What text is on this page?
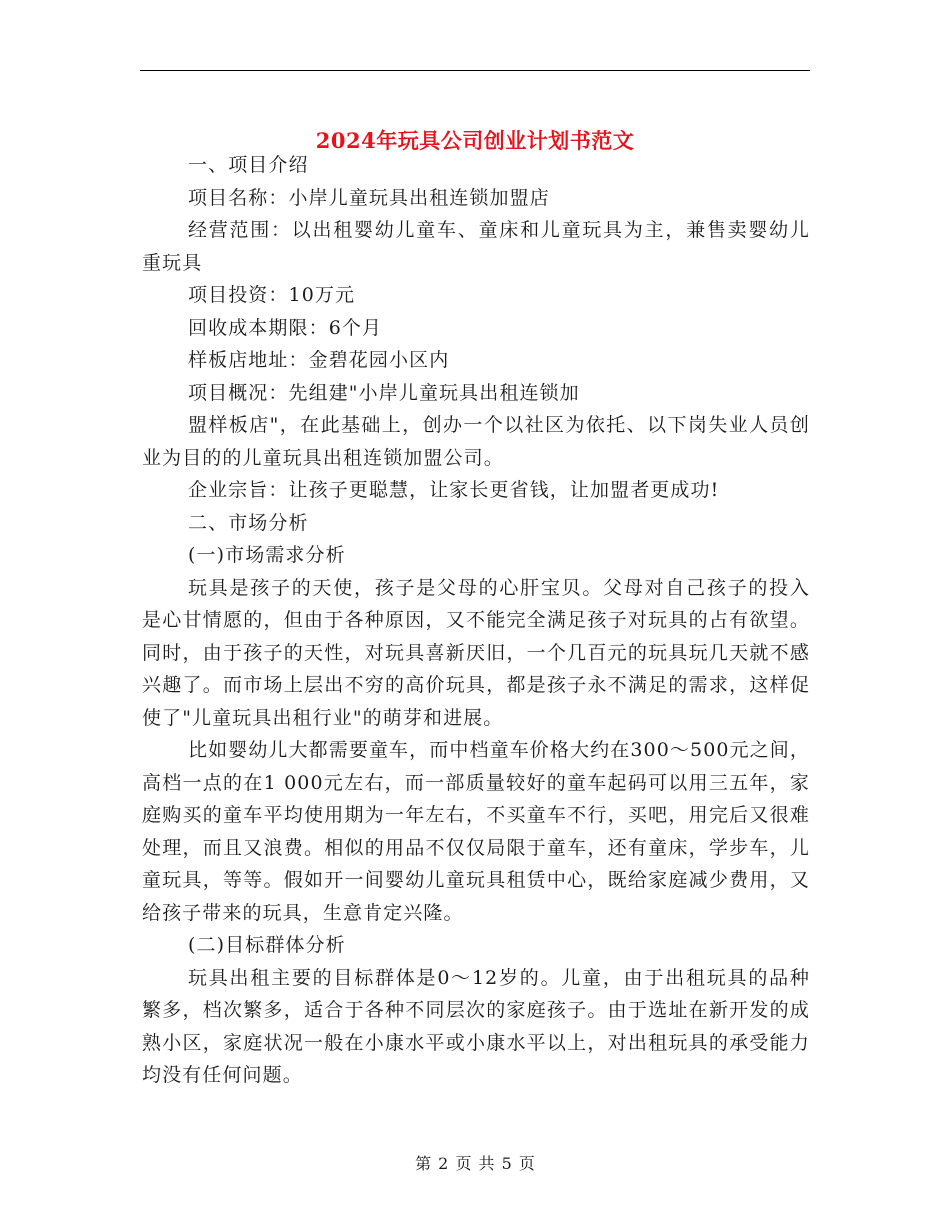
2024年玩具公司创业计划书范文

一、项目介绍

项目名称：小岸儿童玩具出租连锁加盟店

经营范围：以出租婴幼儿童车、童床和儿童玩具为主，兼售卖婴幼儿重玩具

项目投资：10万元

回收成本期限：6个月

样板店地址：金碧花园小区内

项目概况：先组建"小岸儿童玩具出租连锁加

盟样板店"，在此基础上，创办一个以社区为依托、以下岗失业人员创业为目的的儿童玩具出租连锁加盟公司。

企业宗旨：让孩子更聪慧，让家长更省钱，让加盟者更成功!

二、市场分析

(一)市场需求分析

玩具是孩子的天使，孩子是父母的心肝宝贝。父母对自己孩子的投入是心甘情愿的，但由于各种原因，又不能完全满足孩子对玩具的占有欲望。同时，由于孩子的天性，对玩具喜新厌旧，一个几百元的玩具玩几天就不感兴趣了。而市场上层出不穷的高价玩具，都是孩子永不满足的需求，这样促使了"儿童玩具出租行业"的萌芽和进展。

比如婴幼儿大都需要童车，而中档童车价格大约在300～500元之间，高档一点的在1 000元左右，而一部质量较好的童车起码可以用三五年，家庭购买的童车平均使用期为一年左右，不买童车不行，买吧，用完后又很难处理，而且又浪费。相似的用品不仅仅局限于童车，还有童床，学步车，儿童玩具，等等。假如开一间婴幼儿童玩具租赁中心，既给家庭减少费用，又给孩子带来的玩具，生意肯定兴隆。

(二)目标群体分析

玩具出租主要的目标群体是0～12岁的。儿童，由于出租玩具的品种繁多，档次繁多，适合于各种不同层次的家庭孩子。由于选址在新开发的成熟小区，家庭状况一般在小康水平或小康水平以上，对出租玩具的承受能力均没有任何问题。

第 2 页 共 5 页
